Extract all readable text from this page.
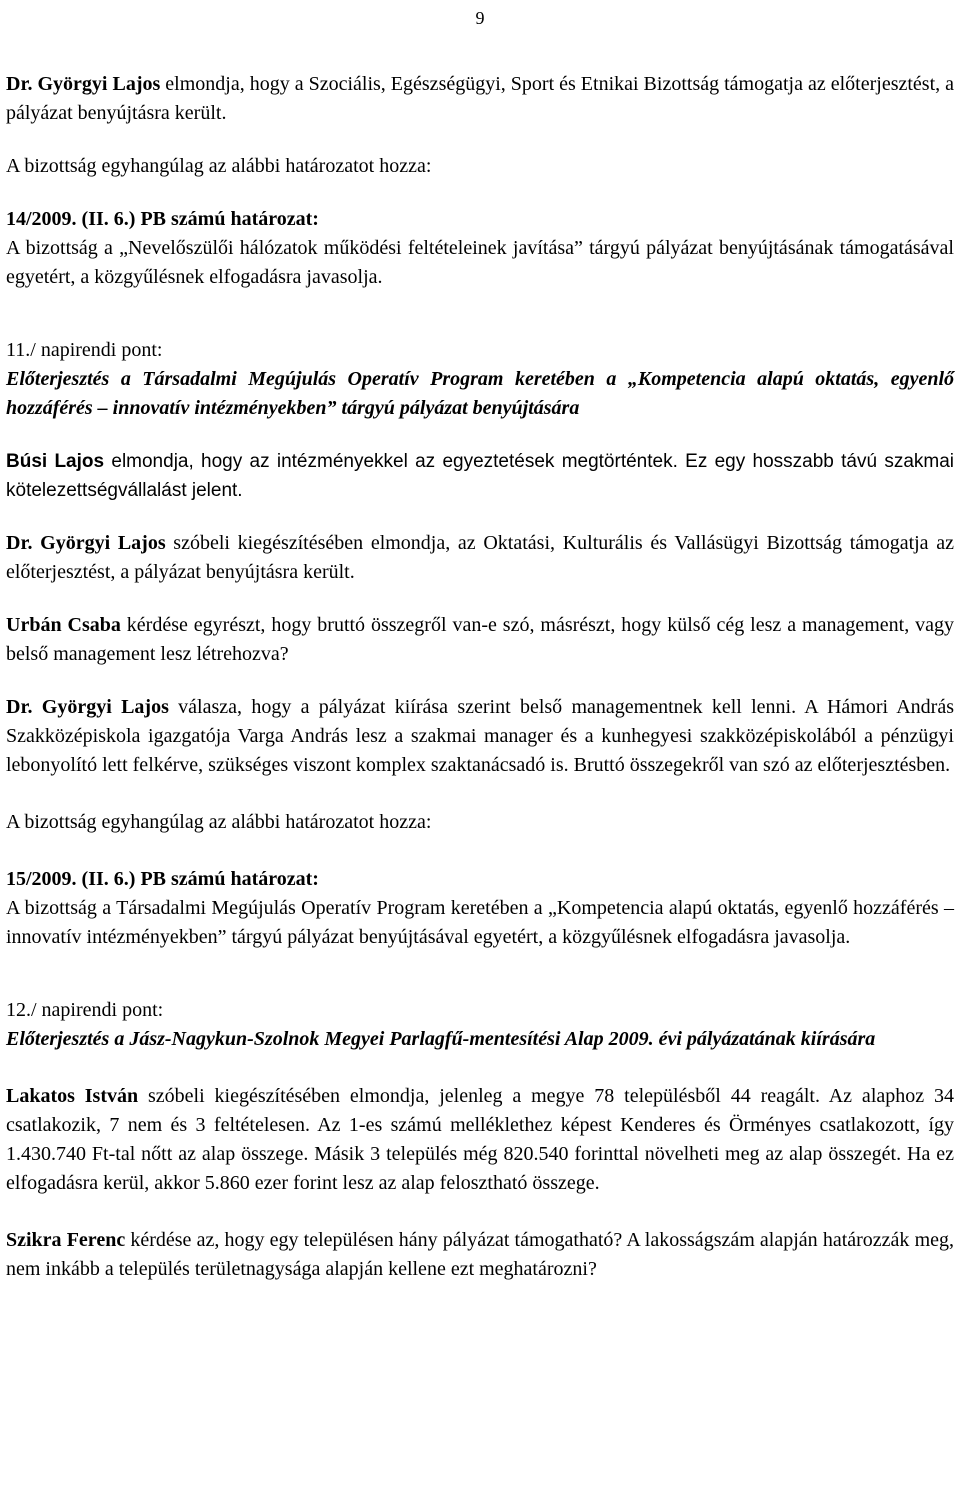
9

Dr. Györgyi Lajos elmondja, hogy a Szociális, Egészségügyi, Sport és Etnikai Bizottság támogatja az előterjesztést, a pályázat benyújtásra került.

A bizottság egyhangúlag az alábbi határozatot hozza:

14/2009. (II. 6.) PB számú határozat:
A bizottság a „Nevelőszülői hálózatok működési feltételeinek javítása” tárgyú pályázat benyújtásának támogatásával egyetért, a közgyűlésnek elfogadásra javasolja.

11./ napirendi pont:
Előterjesztés a Társadalmi Megújulás Operatív Program keretében a „Kompetencia alapú oktatás, egyenlő hozzáférés – innovatív intézményekben” tárgyú pályázat benyújtására

Búsi Lajos elmondja, hogy az intézményekkel az egyeztetések megtörténtek. Ez egy hosszabb távú szakmai kötelezettségvállalást jelent.

Dr. Györgyi Lajos szóbeli kiegészítésében elmondja, az Oktatási, Kulturális és Vallásügyi Bizottság támogatja az előterjesztést, a pályázat benyújtásra került.

Urbán Csaba kérdése egyrészt, hogy bruttó összegről van-e szó, másrészt, hogy külső cég lesz a management, vagy belső management lesz létrehozva?

Dr. Györgyi Lajos válasza, hogy a pályázat kiírása szerint belső managementnek kell lenni. A Hámori András Szakközépiskola igazgatója Varga András lesz a szakmai manager és a kunhegyesi szakközépiskolából a pénzügyi lebonyolító lett felkérve, szükséges viszont komplex szaktanácsadó is. Bruttó összegekről van szó az előterjesztésben.

A bizottság egyhangúlag az alábbi határozatot hozza:

15/2009. (II. 6.) PB számú határozat:
A bizottság a Társadalmi Megújulás Operatív Program keretében a „Kompetencia alapú oktatás, egyenlő hozzáférés – innovatív intézményekben” tárgyú pályázat benyújtásával egyetért, a közgyűlésnek elfogadásra javasolja.

12./ napirendi pont:
Előterjesztés a Jász-Nagykun-Szolnok Megyei Parlagfű-mentesítési Alap 2009. évi pályázatának kiírására

Lakatos István szóbeli kiegészítésében elmondja, jelenleg a megye 78 településből 44 reagált. Az alaphoz 34 csatlakozik, 7 nem és 3 feltételesen. Az 1-es számú melléklethez képest Kenderes és Örményes csatlakozott, így 1.430.740 Ft-tal nőtt az alap összege. Másik 3 település még 820.540 forinttal növelheti meg az alap összegét. Ha ez elfogadásra kerül, akkor 5.860 ezer forint lesz az alap felosztható összege.

Szikra Ferenc kérdése az, hogy egy településen hány pályázat támogatható? A lakosságszám alapján határozzák meg, nem inkább a település területnagysága alapján kellene ezt meghatározni?
